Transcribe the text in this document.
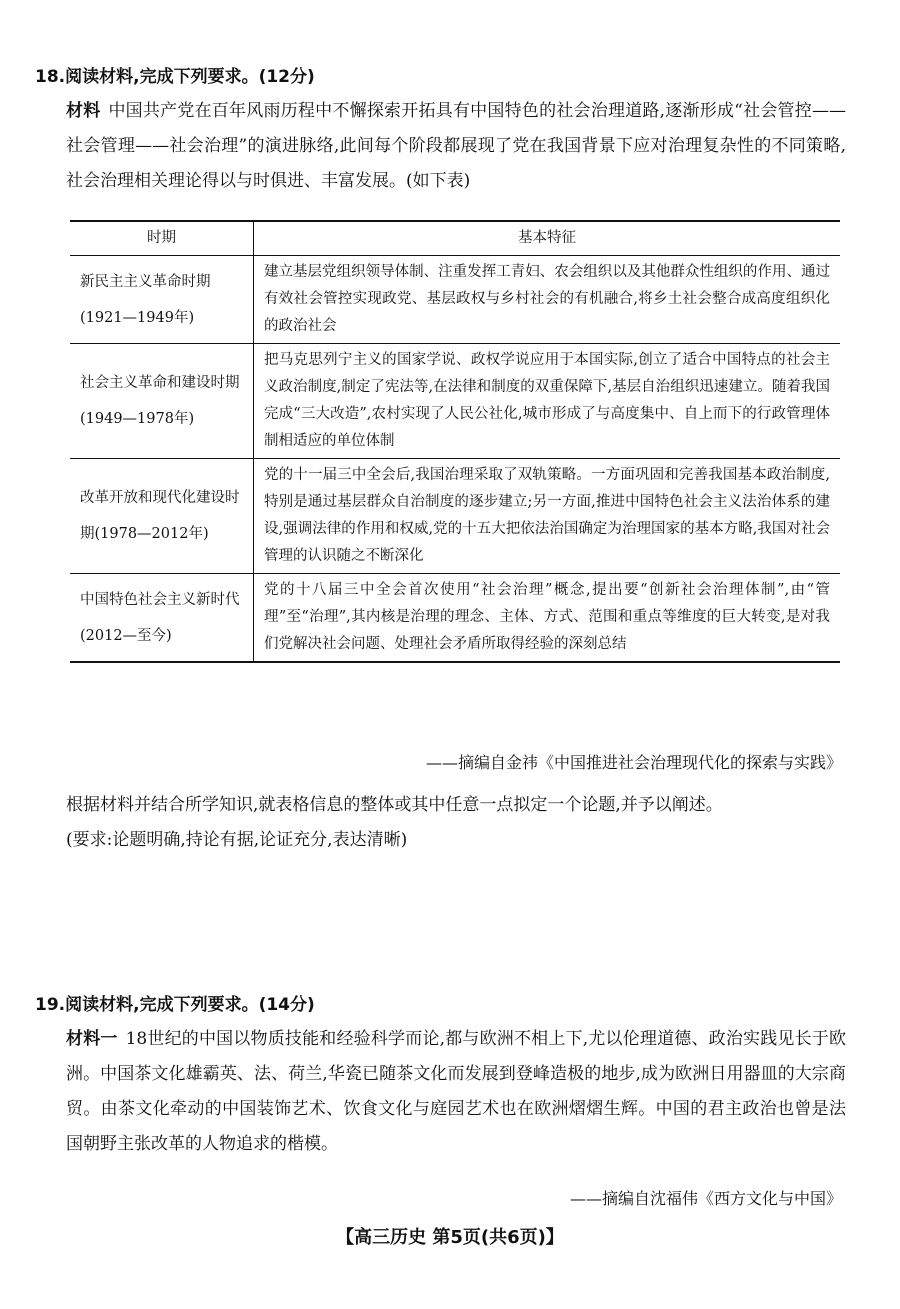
18.阅读材料,完成下列要求。(12分)
材料 中国共产党在百年风雨历程中不懈探索开拓具有中国特色的社会治理道路,逐渐形成“社会管控——社会管理——社会治理”的演进脉络,此间每个阶段都展现了党在我国背景下应对治理复杂性的不同策略,社会治理相关理论得以与时俱进、丰富发展。(如下表)
时期	基本特征
新民主主义革命时期(1921—1949年)	建立基层党组织领导体制、注重发挥工青妇、农会组织以及其他群众性组织的作用、通过有效社会管控实现政党、基层政权与乡村社会的有机融合,将乡土社会整合成高度组织化的政治社会
社会主义革命和建设时期(1949—1978年)	把马克思列宁主义的国家学说、政权学说应用于本国实际,创立了适合中国特点的社会主义政治制度,制定了宪法等,在法律和制度的双重保障下,基层自治组织迅速建立。随着我国完成“三大改造”,农村实现了人民公社化,城市形成了与高度集中、自上而下的行政管理体制相适应的单位体制
改革开放和现代化建设时期(1978—2012年)	党的十一届三中全会后,我国治理采取了双轨策略。一方面巩固和完善我国基本政治制度,特别是通过基层群众自治制度的逐步建立;另一方面,推进中国特色社会主义法治体系的建设,强调法律的作用和权威,党的十五大把依法治国确定为治理国家的基本方略,我国对社会管理的认识随之不断深化
中国特色社会主义新时代(2012—至今)	党的十八届三中全会首次使用“社会治理”概念,提出要“创新社会治理体制”,由“管理”至“治理”,其内核是治理的理念、主体、方式、范围和重点等维度的巨大转变,是对我们党解决社会问题、处理社会矛盾所取得经验的深刻总结
——摘编自金祎《中国推进社会治理现代化的探索与实践》
根据材料并结合所学知识,就表格信息的整体或其中任意一点拟定一个论题,并予以阐述。
(要求:论题明确,持论有据,论证充分,表达清晰)
19.阅读材料,完成下列要求。(14分)
材料一 18世纪的中国以物质技能和经验科学而论,都与欧洲不相上下,尤以伦理道德、政治实践见长于欧洲。中国茶文化雄霸英、法、荷兰,华瓷已随茶文化而发展到登峰造极的地步,成为欧洲日用器皿的大宗商贸。由茶文化牵动的中国装饰艺术、饮食文化与庭园艺术也在欧洲熠熠生辉。中国的君主政治也曾是法国朝野主张改革的人物追求的楷模。
——摘编自沈福伟《西方文化与中国》
【高三历史 第5页(共6页)】
